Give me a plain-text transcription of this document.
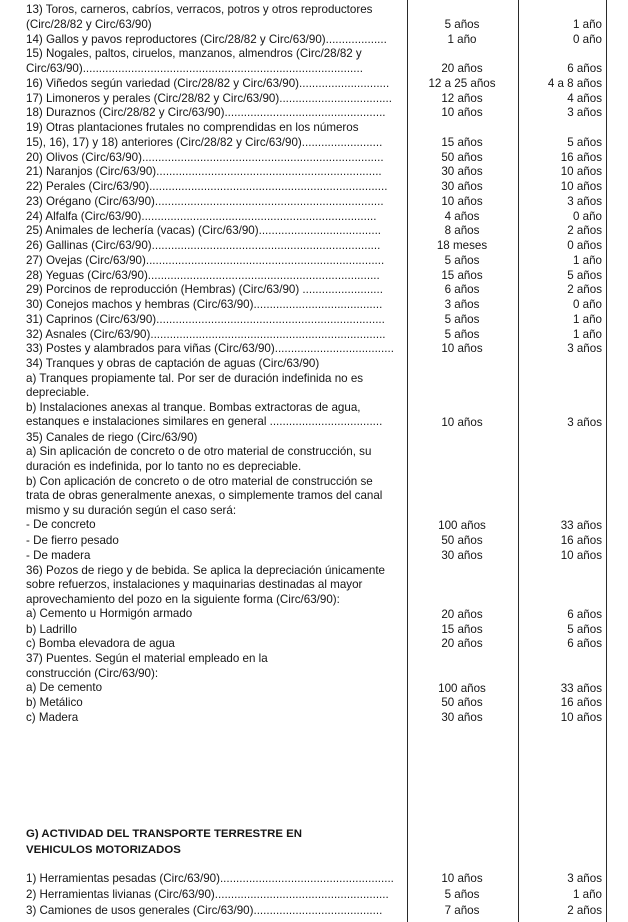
13) Toros, carneros, cabríos, verracos, potros y otros reproductores
(Circ/28/82 y Circ/63/90)	5 años	1 año
14) Gallos y pavos reproductores (Circ/28/82 y Circ/63/90)...................	1 año	0 año
15) Nogales, paltos, ciruelos, manzanos, almendros (Circ/28/82 y
Circ/63/90).......................................................................................	20 años	6 años
16) Viñedos según variedad (Circ/28/82 y Circ/63/90)............................	12 a 25 años	4 a 8 años
17) Limoneros y perales (Circ/28/82 y Circ/63/90)...................................	12 años	4 años
18) Duraznos (Circ/28/82 y Circ/63/90)..................................................	10 años	3 años
19) Otras plantaciones frutales no comprendidas en los números
15), 16), 17) y 18) anteriores (Circ/28/82 y Circ/63/90).........................	15 años	5 años
20) Olivos (Circ/63/90)...........................................................................	50 años	16 años
21) Naranjos (Circ/63/90)......................................................................	30 años	10 años
22) Perales (Circ/63/90)..........................................................................	30 años	10 años
23) Orégano (Circ/63/90).......................................................................	10 años	3 años
24) Alfalfa (Circ/63/90).........................................................................	4 años	0 año
25) Animales de lechería (vacas) (Circ/63/90)......................................	8 años	2 años
26) Gallinas (Circ/63/90).......................................................................	18 meses	0 años
27) Ovejas (Circ/63/90)..........................................................................	5 años	1 año
28) Yeguas (Circ/63/90)........................................................................	15 años	5 años
29) Porcinos de reproducción (Hembras) (Circ/63/90) .........................	6 años	2 años
30) Conejos machos y hembras (Circ/63/90)........................................	3 años	0 año
31) Caprinos (Circ/63/90).......................................................................	5 años	1 año
32) Asnales (Circ/63/90).........................................................................	5 años	1 año
33) Postes y alambrados para viñas (Circ/63/90).....................................	10 años	3 años
34) Tranques y obras de captación de aguas (Circ/63/90)
a) Tranques propiamente tal. Por ser de duración indefinida no es
depreciable.
b) Instalaciones anexas al tranque. Bombas extractoras de agua,
estanques e instalaciones similares en general ...................................	10 años	3 años
35) Canales de riego (Circ/63/90)
a) Sin aplicación de concreto o de otro material de construcción, su
duración es indefinida, por lo tanto no es depreciable.
b) Con aplicación de concreto o de otro material de construcción se
trata de obras generalmente anexas, o simplemente tramos del canal
mismo y su duración según el caso será:
- De concreto	100 años	33 años
- De fierro pesado	50 años	16 años
- De madera	30 años	10 años
36) Pozos de riego y de bebida. Se aplica la depreciación únicamente
sobre refuerzos, instalaciones y maquinarias destinadas al mayor
aprovechamiento del pozo en la siguiente forma (Circ/63/90):
a) Cemento u Hormigón armado	20 años	6 años
b) Ladrillo	15 años	5 años
c) Bomba elevadora de agua	20 años	6 años
37) Puentes. Según el material empleado en la
construcción (Circ/63/90):
a) De cemento	100 años	33 años
b) Metálico	50 años	16 años
c) Madera	30 años	10 años
G) ACTIVIDAD DEL TRANSPORTE TERRESTRE EN
VEHICULOS MOTORIZADOS
1) Herramientas pesadas (Circ/63/90)......................................................	10 años	3 años
2) Herramientas livianas (Circ/63/90)......................................................	5 años	1 año
3) Camiones de usos generales (Circ/63/90)........................................	7 años	2 años
